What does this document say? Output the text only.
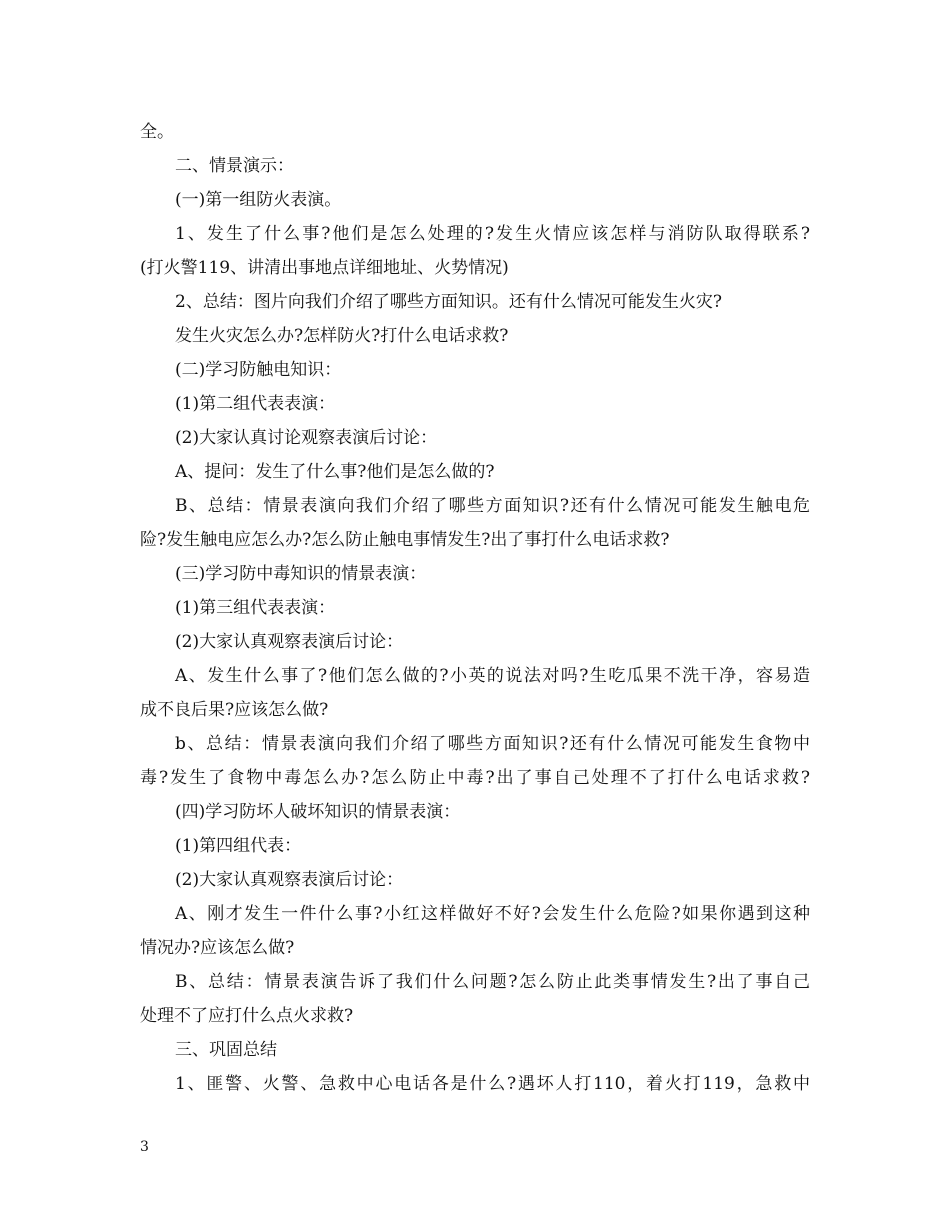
全。
二、情景演示：
(一)第一组防火表演。
1、发生了什么事?他们是怎么处理的?发生火情应该怎样与消防队取得联系?
(打火警119、讲清出事地点详细地址、火势情况)
2、总结：图片向我们介绍了哪些方面知识。还有什么情况可能发生火灾?
发生火灾怎么办?怎样防火?打什么电话求救?
(二)学习防触电知识：
(1)第二组代表表演：
(2)大家认真讨论观察表演后讨论：
A、提问：发生了什么事?他们是怎么做的?
B、总结：情景表演向我们介绍了哪些方面知识?还有什么情况可能发生触电危
险?发生触电应怎么办?怎么防止触电事情发生?出了事打什么电话求救?
(三)学习防中毒知识的情景表演：
(1)第三组代表表演：
(2)大家认真观察表演后讨论：
A、发生什么事了?他们怎么做的?小英的说法对吗?生吃瓜果不洗干净，容易造
成不良后果?应该怎么做?
b、总结：情景表演向我们介绍了哪些方面知识?还有什么情况可能发生食物中
毒?发生了食物中毒怎么办?怎么防止中毒?出了事自己处理不了打什么电话求救?
(四)学习防坏人破坏知识的情景表演：
(1)第四组代表：
(2)大家认真观察表演后讨论：
A、刚才发生一件什么事?小红这样做好不好?会发生什么危险?如果你遇到这种
情况办?应该怎么做?
B、总结：情景表演告诉了我们什么问题?怎么防止此类事情发生?出了事自己
处理不了应打什么点火求救?
三、巩固总结
1、匪警、火警、急救中心电话各是什么?遇坏人打110，着火打119，急救中
3
